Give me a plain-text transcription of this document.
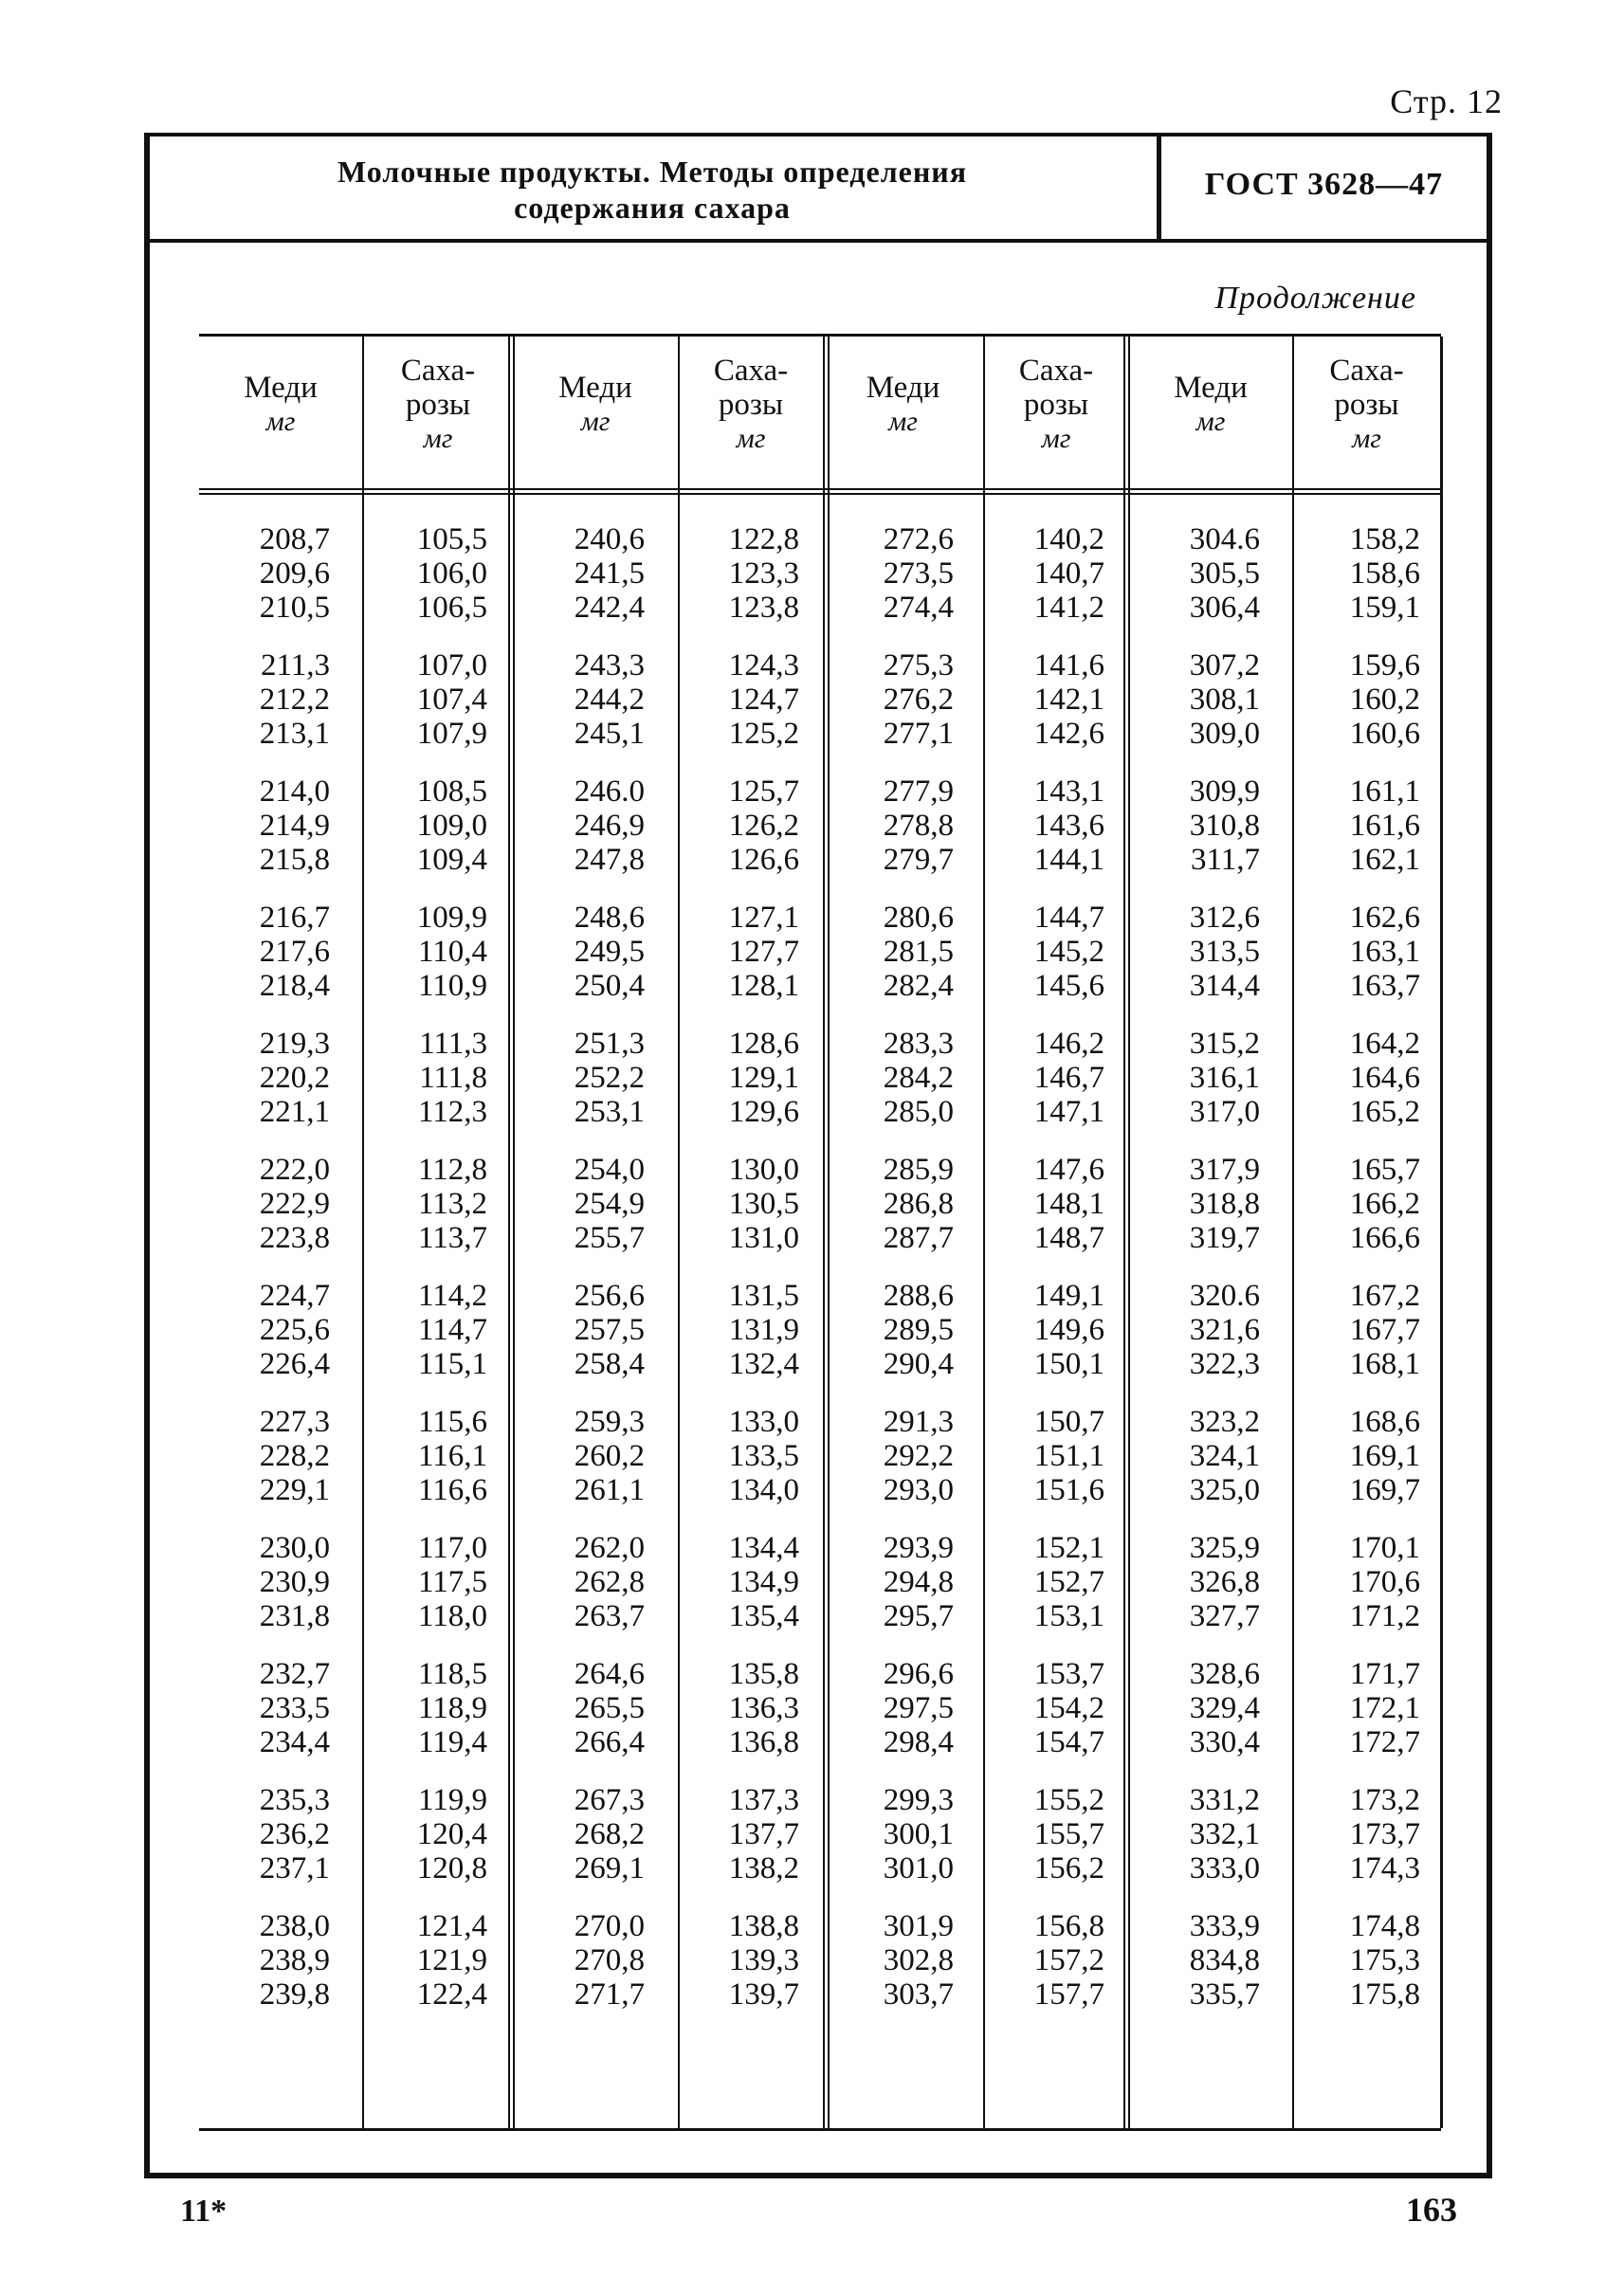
Стр. 12
Молочные продукты. Методы определения
содержания сахара
ГОСТ 3628—47
Продолжение
Меди
мг
Саха-
розы
мг
Меди
мг
Саха-
розы
мг
Меди
мг
Саха-
розы
мг
Меди
мг
Саха-
розы
мг
208,7
209,6
210,5
211,3
212,2
213,1
214,0
214,9
215,8
216,7
217,6
218,4
219,3
220,2
221,1
222,0
222,9
223,8
224,7
225,6
226,4
227,3
228,2
229,1
230,0
230,9
231,8
232,7
233,5
234,4
235,3
236,2
237,1
238,0
238,9
239,8
105,5
106,0
106,5
107,0
107,4
107,9
108,5
109,0
109,4
109,9
110,4
110,9
111,3
111,8
112,3
112,8
113,2
113,7
114,2
114,7
115,1
115,6
116,1
116,6
117,0
117,5
118,0
118,5
118,9
119,4
119,9
120,4
120,8
121,4
121,9
122,4
240,6
241,5
242,4
243,3
244,2
245,1
246.0
246,9
247,8
248,6
249,5
250,4
251,3
252,2
253,1
254,0
254,9
255,7
256,6
257,5
258,4
259,3
260,2
261,1
262,0
262,8
263,7
264,6
265,5
266,4
267,3
268,2
269,1
270,0
270,8
271,7
122,8
123,3
123,8
124,3
124,7
125,2
125,7
126,2
126,6
127,1
127,7
128,1
128,6
129,1
129,6
130,0
130,5
131,0
131,5
131,9
132,4
133,0
133,5
134,0
134,4
134,9
135,4
135,8
136,3
136,8
137,3
137,7
138,2
138,8
139,3
139,7
272,6
273,5
274,4
275,3
276,2
277,1
277,9
278,8
279,7
280,6
281,5
282,4
283,3
284,2
285,0
285,9
286,8
287,7
288,6
289,5
290,4
291,3
292,2
293,0
293,9
294,8
295,7
296,6
297,5
298,4
299,3
300,1
301,0
301,9
302,8
303,7
140,2
140,7
141,2
141,6
142,1
142,6
143,1
143,6
144,1
144,7
145,2
145,6
146,2
146,7
147,1
147,6
148,1
148,7
149,1
149,6
150,1
150,7
151,1
151,6
152,1
152,7
153,1
153,7
154,2
154,7
155,2
155,7
156,2
156,8
157,2
157,7
304.6
305,5
306,4
307,2
308,1
309,0
309,9
310,8
311,7
312,6
313,5
314,4
315,2
316,1
317,0
317,9
318,8
319,7
320.6
321,6
322,3
323,2
324,1
325,0
325,9
326,8
327,7
328,6
329,4
330,4
331,2
332,1
333,0
333,9
834,8
335,7
158,2
158,6
159,1
159,6
160,2
160,6
161,1
161,6
162,1
162,6
163,1
163,7
164,2
164,6
165,2
165,7
166,2
166,6
167,2
167,7
168,1
168,6
169,1
169,7
170,1
170,6
171,2
171,7
172,1
172,7
173,2
173,7
174,3
174,8
175,3
175,8
11*	163
